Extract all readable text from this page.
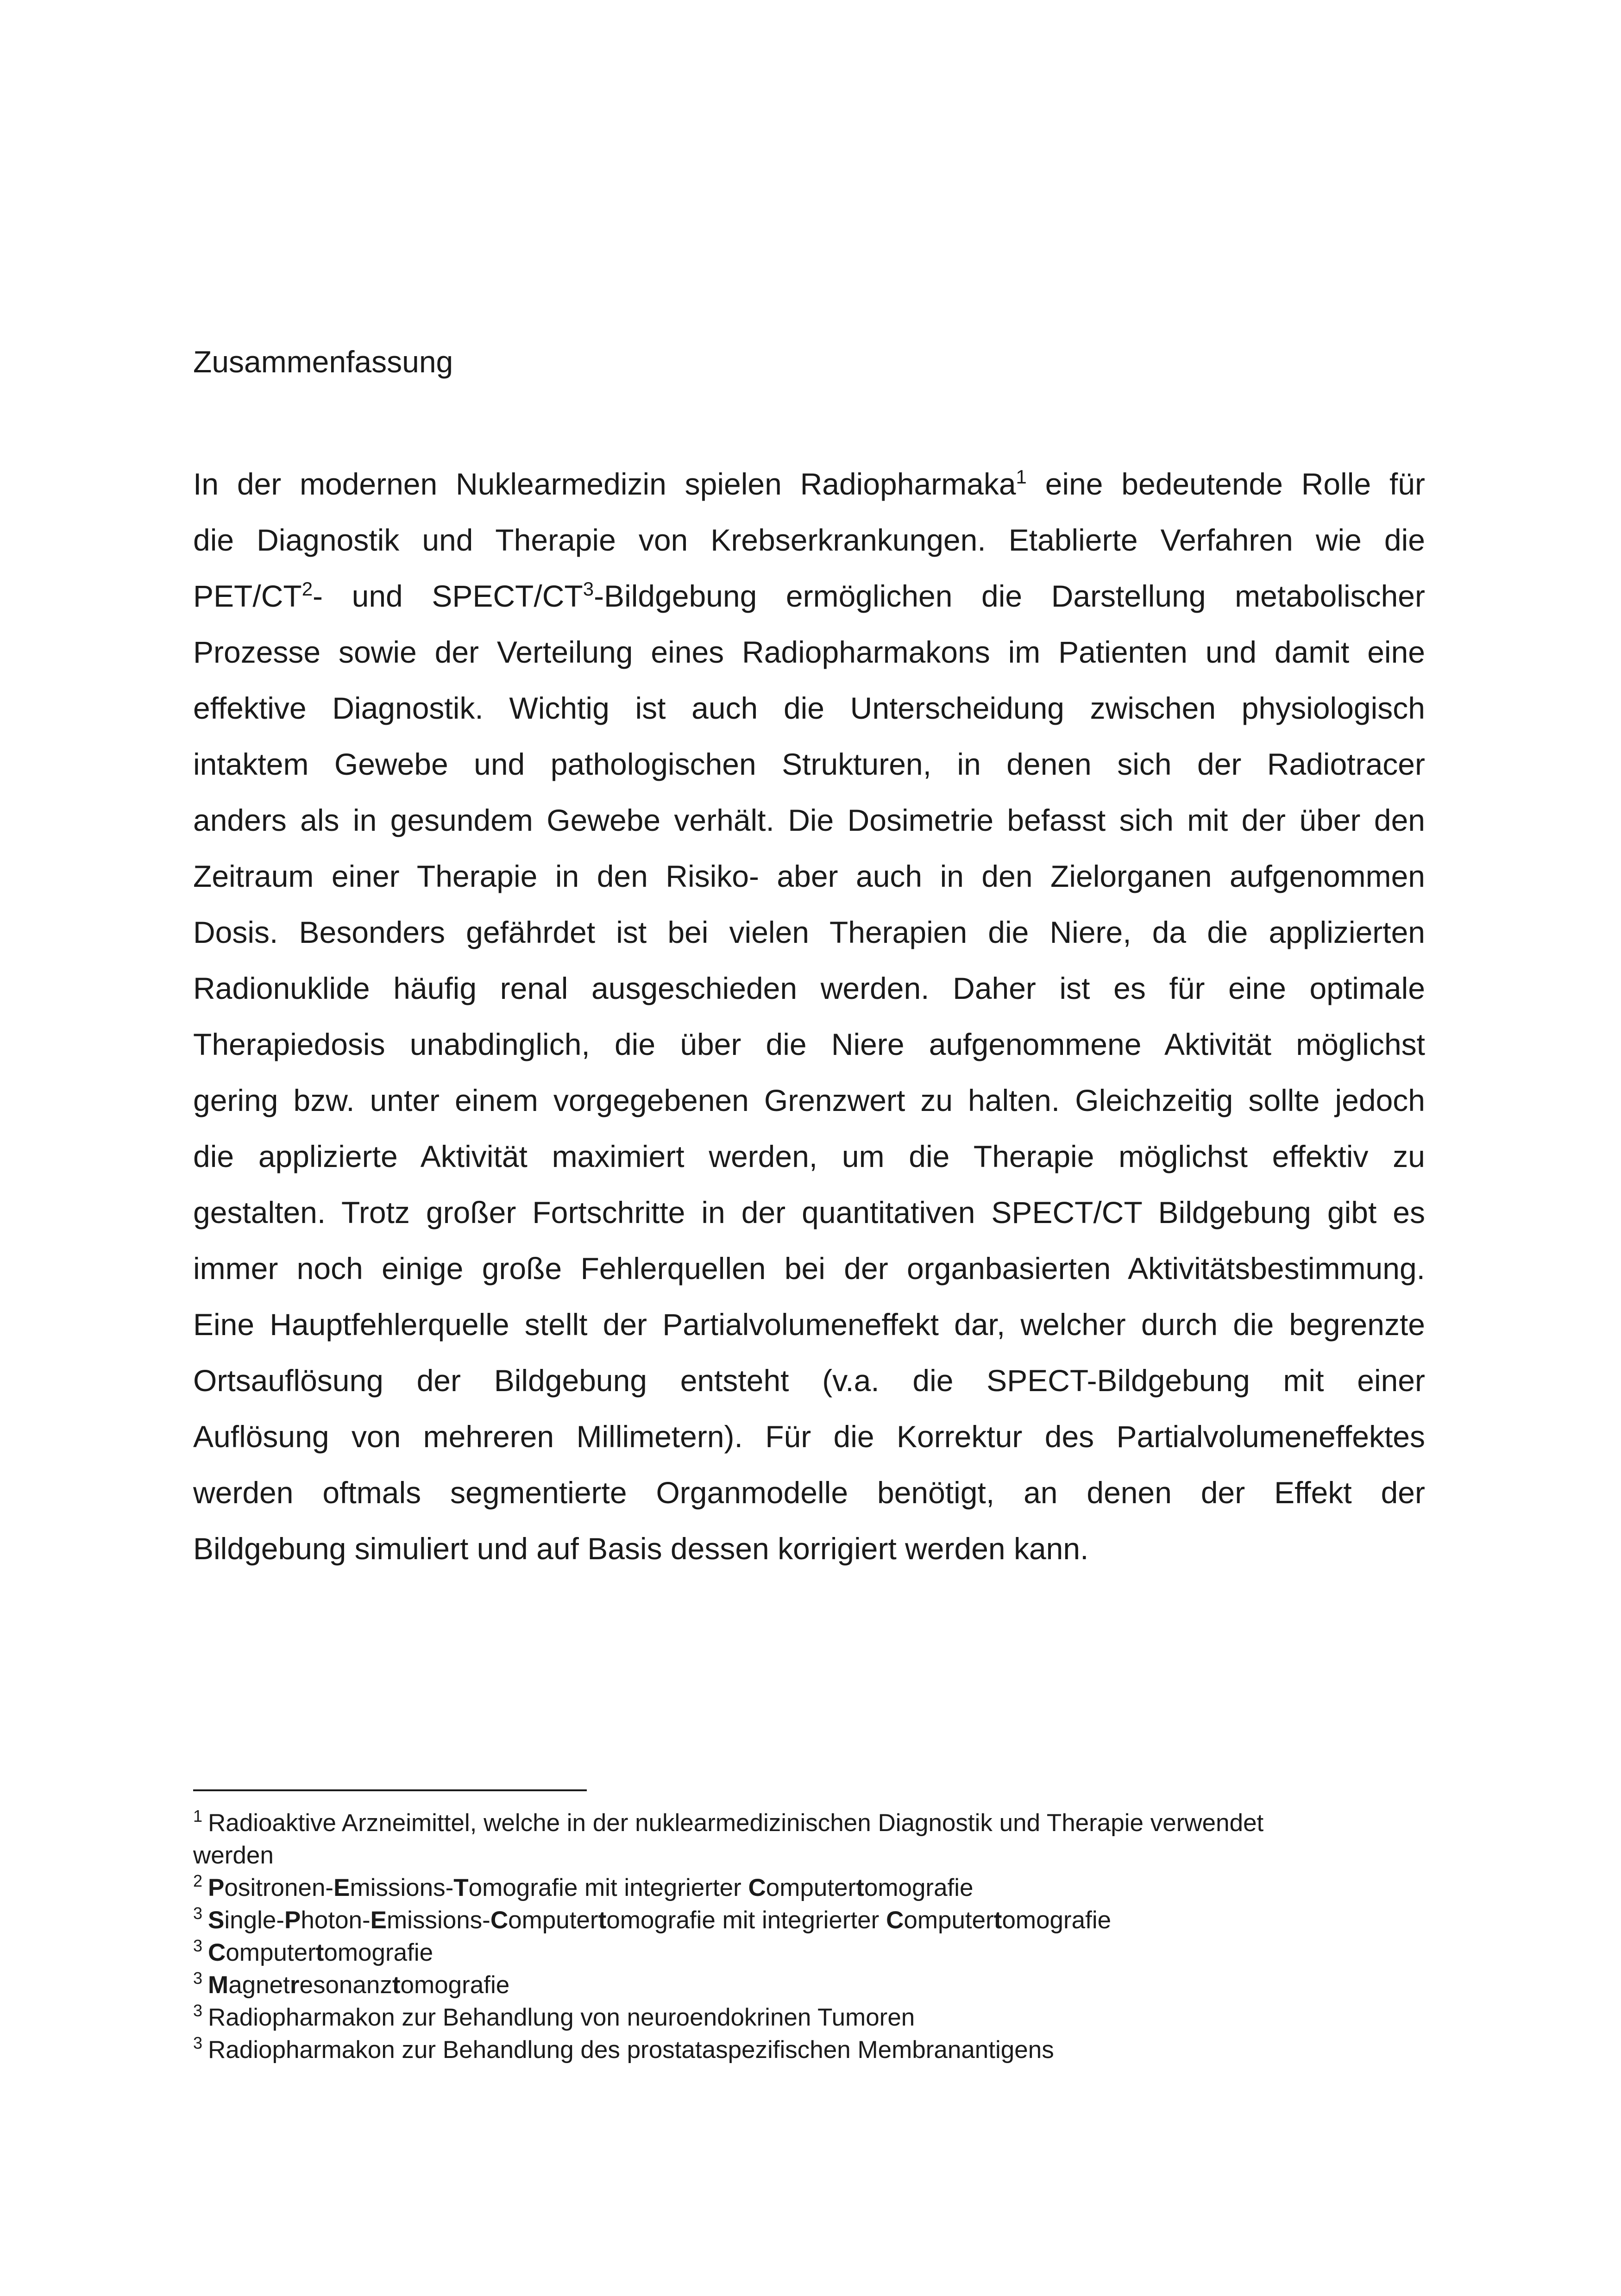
Zusammenfassung
In der modernen Nuklearmedizin spielen Radiopharmaka$^1$ eine bedeutende Rolle für
die Diagnostik und Therapie von Krebserkrankungen. Etablierte Verfahren wie die
PET/$CT^2-$ und SPECT/$CT^3$-Bildgebung ermöglichen die Darstellung metabolischer
Prozesse sowie der Verteilung eines Radiopharmakons im Patienten und damit eine
effektive Diagnostik. Wichtig ist auch die Unterscheidung zwischen physiologisch
intaktem Gewebe und pathologischen Strukturen, in denen sich der Radiotracer
anders als in gesundem Gewebe verhält. Die Dosimetrie befasst sich mit der über den
Zeitraum einer Therapie in den Risiko- aber auch in den Zielorganen aufgenommen
Dosis. Besonders gefährdet ist bei vielen Therapien die Niere, da die applizierten
Radionuklide häufig renal ausgeschieden werden. Daher ist es für eine optimale
Therapiedosis unabdinglich, die über die Niere aufgenommene Aktivität möglichst
gering bzw. unter einem vorgegebenen Grenzwert zu halten. Gleichzeitig sollte jedoch
die applizierte Aktivität maximiert werden, um die Therapie möglichst effektiv zu
gestalten. Trotz großer Fortschritte in der quantitativen SPECT/CT Bildgebung gibt es
immer noch einige große Fehlerquellen bei der organbasierten Aktivitätsbestimmung.
Eine Hauptfehlerquelle stellt der Partialvolumeneffekt dar, welcher durch die begrenzte
Ortsauflösung der Bildgebung entsteht (v.a. die SPECT-Bildgebung mit einer
Auflösung von mehreren Millimetern). Für die Korrektur des Partialvolumeneffektes
werden oftmals segmentierte Organmodelle benötigt, an denen der Effekt der
Bildgebung simuliert und auf Basis dessen korrigiert werden kann.
$^1$ Radioaktive Arzneimittel, welche in der nuklearmedizinischen Diagnostik und Therapie verwendet
werden
$^2$ Positronen-Emissions-Tomografie mit integrierter Computertomografie
$^3$ Single-Photon-Emissions-Computertomografie mit integrierter Computertomografie
$^3$ Computertomografie
$^3$ Magnetresonanztomografie
$^3$ Radiopharmakon zur Behandlung von neuroendokrinen Tumoren
$^3$ Radiopharmakon zur Behandlung des prostataspezifischen Membranantigens
